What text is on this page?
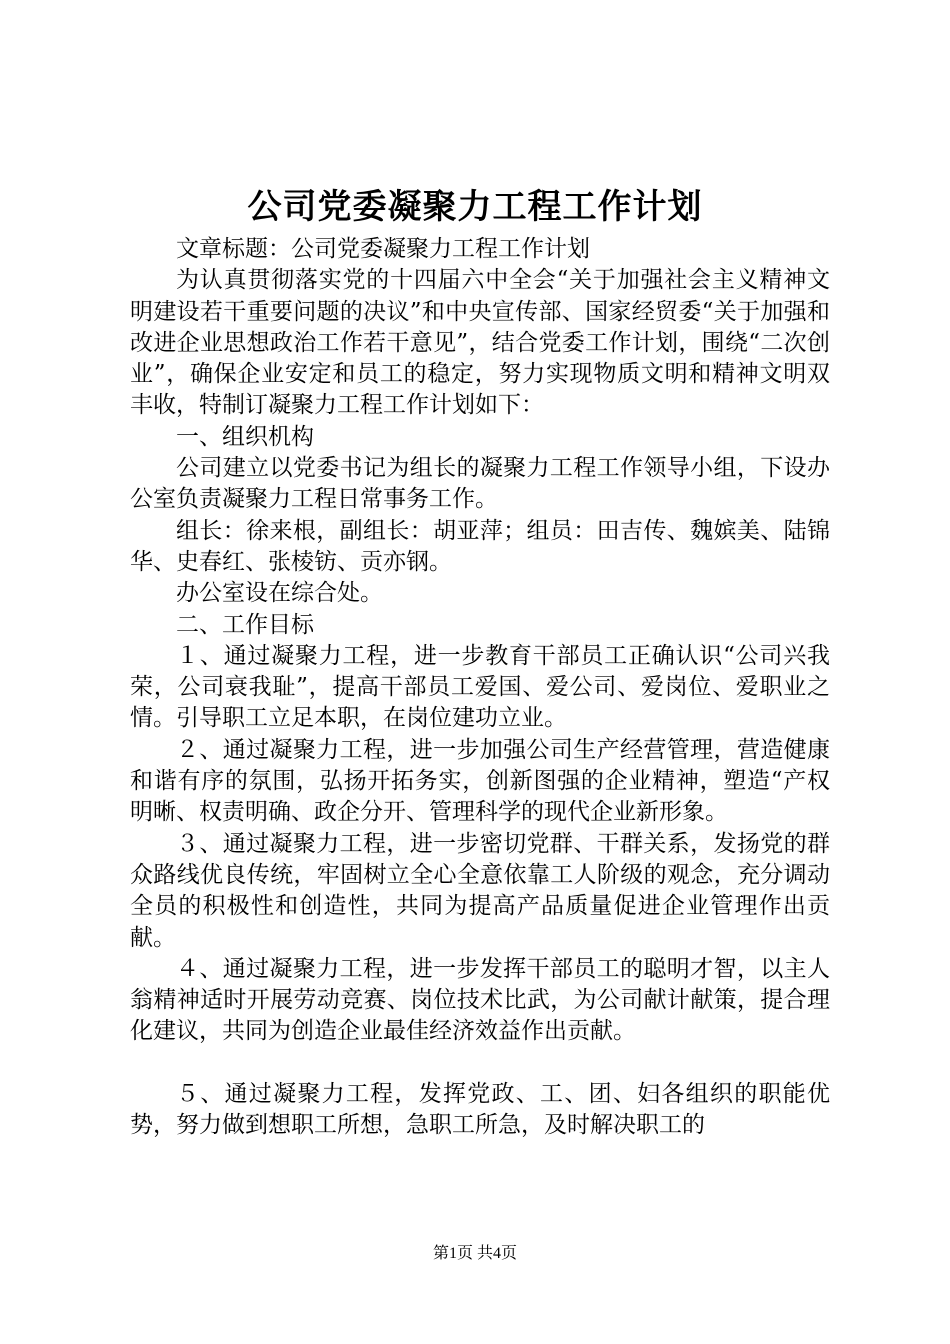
公司党委凝聚力工程工作计划

文章标题：公司党委凝聚力工程工作计划

为认真贯彻落实党的十四届六中全会“关于加强社会主义精神文明建设若干重要问题的决议”和中央宣传部、国家经贸委“关于加强和改进企业思想政治工作若干意见”，结合党委工作计划，围绕“二次创业”，确保企业安定和员工的稳定，努力实现物质文明和精神文明双丰收，特制订凝聚力工程工作计划如下：

一、组织机构

公司建立以党委书记为组长的凝聚力工程工作领导小组，下设办公室负责凝聚力工程日常事务工作。

组长：徐来根，副组长：胡亚萍；组员：田吉传、魏嫔美、陆锦华、史春红、张棱钫、贡亦钢。

办公室设在综合处。

二、工作目标

１、通过凝聚力工程，进一步教育干部员工正确认识“公司兴我荣，公司衰我耻”，提高干部员工爱国、爱公司、爱岗位、爱职业之情。引导职工立足本职，在岗位建功立业。

２、通过凝聚力工程，进一步加强公司生产经营管理，营造健康和谐有序的氛围，弘扬开拓务实，创新图强的企业精神，塑造“产权明晰、权责明确、政企分开、管理科学的现代企业新形象。

３、通过凝聚力工程，进一步密切党群、干群关系，发扬党的群众路线优良传统，牢固树立全心全意依靠工人阶级的观念，充分调动全员的积极性和创造性，共同为提高产品质量促进企业管理作出贡献。

４、通过凝聚力工程，进一步发挥干部员工的聪明才智，以主人翁精神适时开展劳动竞赛、岗位技术比武，为公司献计献策，提合理化建议，共同为创造企业最佳经济效益作出贡献。

５、通过凝聚力工程，发挥党政、工、团、妇各组织的职能优势，努力做到想职工所想，急职工所急，及时解决职工的

第1页 共4页
